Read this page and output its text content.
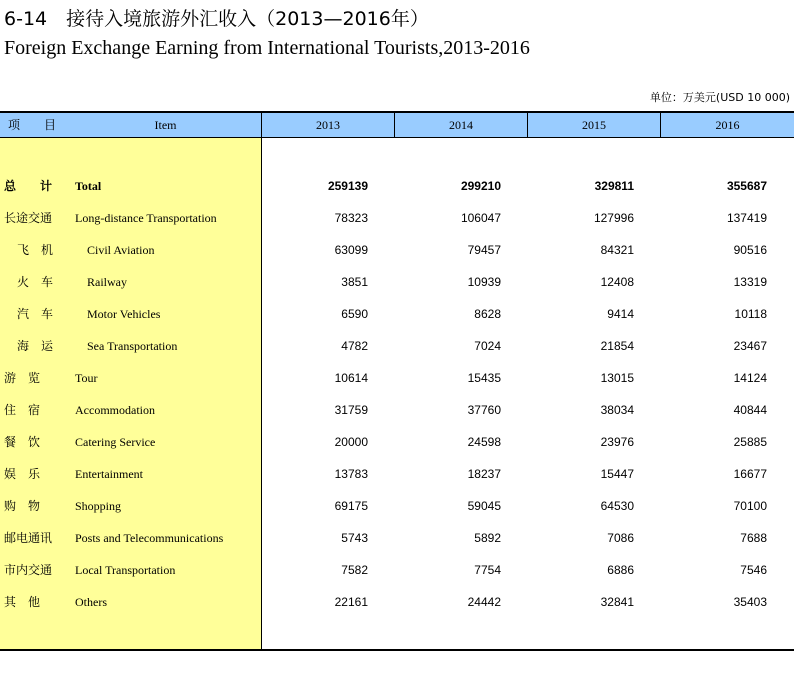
6-14　接待入境旅游外汇收入（2013—2016年）
Foreign Exchange Earning from International Tourists,2013-2016
单位：万美元(USD 10 000)
项　目	Item	2013	2014	2015	2016
总　　计	Total	259139	299210	329811	355687
长途交通	Long-distance Transportation	78323	106047	127996	137419
飞　机	Civil Aviation	63099	79457	84321	90516
火　车	Railway	3851	10939	12408	13319
汽　车	Motor Vehicles	6590	8628	9414	10118
海　运	Sea Transportation	4782	7024	21854	23467
游　览	Tour	10614	15435	13015	14124
住　宿	Accommodation	31759	37760	38034	40844
餐　饮	Catering Service	20000	24598	23976	25885
娱　乐	Entertainment	13783	18237	15447	16677
购　物	Shopping	69175	59045	64530	70100
邮电通讯	Posts and Telecommunications	5743	5892	7086	7688
市内交通	Local Transportation	7582	7754	6886	7546
其　他	Others	22161	24442	32841	35403
